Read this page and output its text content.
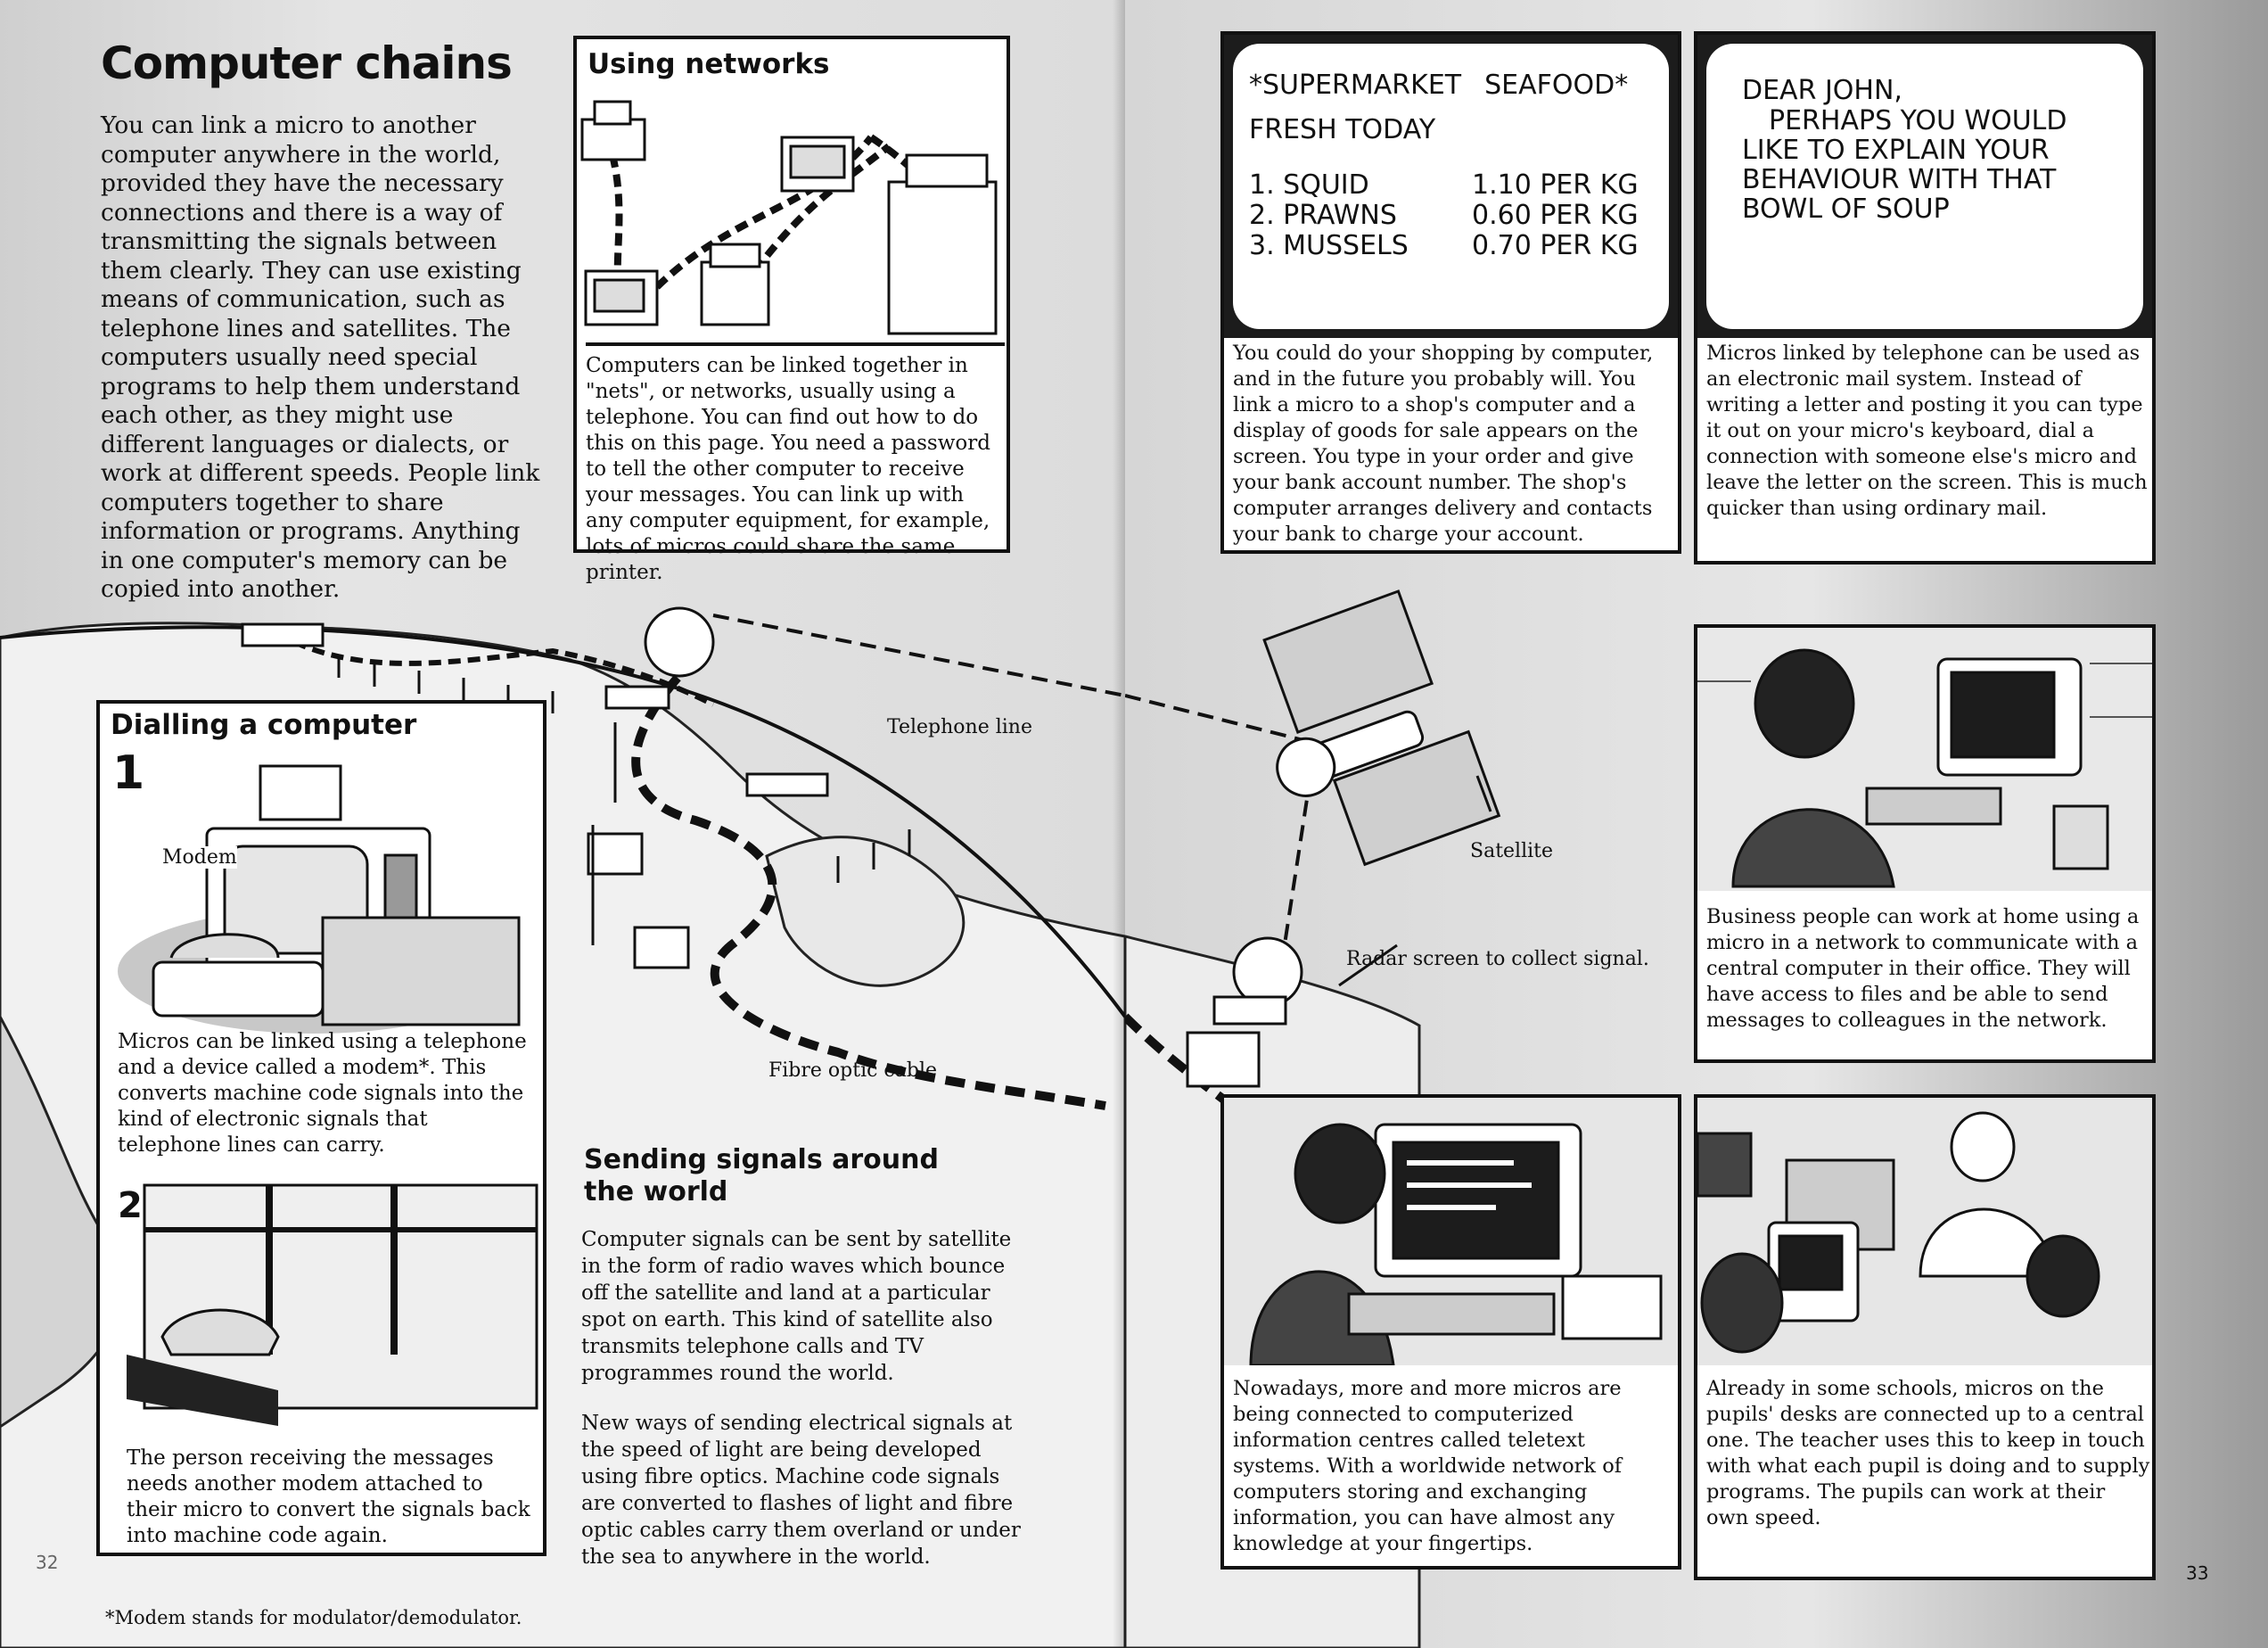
Computer chains
You can link a micro to another computer anywhere in the world, provided they have the necessary connections and there is a way of transmitting the signals between them clearly. They can use existing means of communication, such as telephone lines and satellites. The computers usually need special programs to help them understand each other, as they might use different languages or dialects, or work at different speeds. People link computers together to share information or programs. Anything in one computer's memory can be copied into another.
Using networks
Computers can be linked together in "nets", or networks, usually using a telephone. You can find out how to do this on this page. You need a password to tell the other computer to receive your messages. You can link up with any computer equipment, for example, lots of micros could share the same printer.
Dialling a computer
1
Modem
Micros can be linked using a telephone and a device called a modem*. This converts machine code signals into the kind of electronic signals that telephone lines can carry.
2
The person receiving the messages needs another modem attached to their micro to convert the signals back into machine code again.
Telephone line
Fibre optic cable
Sending signals around the world
Computer signals can be sent by satellite in the form of radio waves which bounce off the satellite and land at a particular spot on earth. This kind of satellite also transmits telephone calls and TV programmes round the world.
New ways of sending electrical signals at the speed of light are being developed using fibre optics. Machine code signals are converted to flashes of light and fibre optic cables carry them overland or under the sea to anywhere in the world.
*Modem stands for modulator/demodulator.
32
Satellite
Radar screen to collect signal.
*SUPERMARKET SEAFOOD*
FRESH TODAY
1. SQUID	1.10 PER KG
2. PRAWNS	0.60 PER KG
3. MUSSELS 0.70 PER KG
You could do your shopping by computer, and in the future you probably will. You link a micro to a shop's computer and a display of goods for sale appears on the screen. You type in your order and give your bank account number. The shop's computer arranges delivery and contacts your bank to charge your account.
DEAR JOHN,
PERHAPS YOU WOULD
LIKE TO EXPLAIN YOUR
BEHAVIOUR WITH THAT
BOWL OF SOUP
Micros linked by telephone can be used as an electronic mail system. Instead of writing a letter and posting it you can type it out on your micro's keyboard, dial a connection with someone else's micro and leave the letter on the screen. This is much quicker than using ordinary mail.
Business people can work at home using a micro in a network to communicate with a central computer in their office. They will have access to files and be able to send messages to colleagues in the network.
Nowadays, more and more micros are being connected to computerized information centres called teletext systems. With a worldwide network of computers storing and exchanging information, you can have almost any knowledge at your fingertips.
Already in some schools, micros on the pupils' desks are connected up to a central one. The teacher uses this to keep in touch with what each pupil is doing and to supply programs. The pupils can work at their own speed.
33
